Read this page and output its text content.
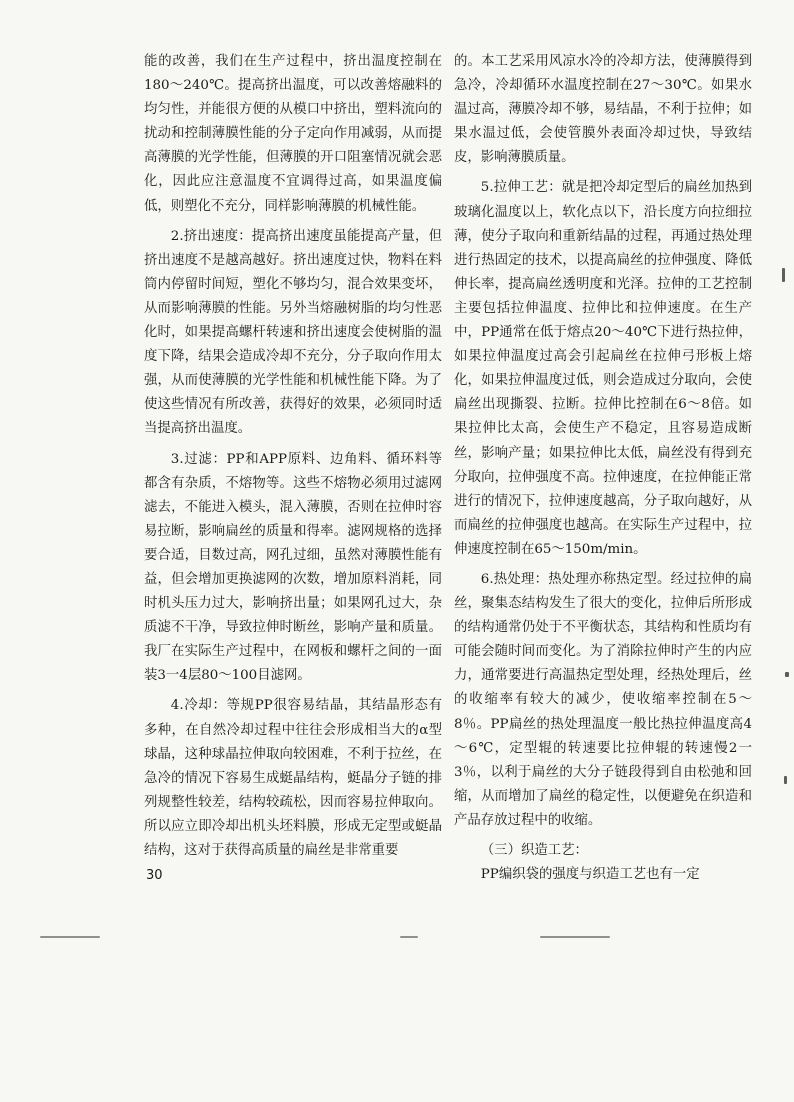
能的改善，我们在生产过程中，挤出温度控制在180～240℃。提高挤出温度，可以改善熔融料的均匀性，并能很方便的从模口中挤出，塑料流向的扰动和控制薄膜性能的分子定向作用减弱，从而提高薄膜的光学性能，但薄膜的开口阻塞情况就会恶化，因此应注意温度不宜调得过高，如果温度偏低，则塑化不充分，同样影响薄膜的机械性能。

2.挤出速度：提高挤出速度虽能提高产量，但挤出速度不是越高越好。挤出速度过快，物料在料筒内停留时间短，塑化不够均匀，混合效果变坏，从而影响薄膜的性能。另外当熔融树脂的均匀性恶化时，如果提高螺杆转速和挤出速度会使树脂的温度下降，结果会造成冷却不充分，分子取向作用太强，从而使薄膜的光学性能和机械性能下降。为了使这些情况有所改善，获得好的效果，必须同时适当提高挤出温度。

3.过滤：PP和APP原料、边角料、循环料等都含有杂质，不熔物等。这些不熔物必须用过滤网滤去，不能进入模头，混入薄膜，否则在拉伸时容易拉断，影响扁丝的质量和得率。滤网规格的选择要合适，目数过高，网孔过细，虽然对薄膜性能有益，但会增加更换滤网的次数，增加原料消耗，同时机头压力过大，影响挤出量；如果网孔过大，杂质滤不干净，导致拉伸时断丝，影响产量和质量。我厂在实际生产过程中，在网板和螺杆之间的一面装3一4层80～100目滤网。

4.冷却：等规PP很容易结晶，其结晶形态有多种，在自然冷却过程中往往会形成相当大的α型球晶，这种球晶拉伸取向较困难，不利于拉丝，在急冷的情况下容易生成蜓晶结构，蜓晶分子链的排列规整性较差，结构较疏松，因而容易拉伸取向。所以应立即冷却出机头坯料膜，形成无定型或蜓晶结构，这对于获得高质量的扁丝是非常重要

的。本工艺采用风凉水冷的冷却方法，使薄膜得到急冷，冷却循环水温度控制在27～30℃。如果水温过高，薄膜冷却不够，易结晶，不利于拉伸；如果水温过低，会使管膜外表面冷却过快，导致结皮，影响薄膜质量。

5.拉伸工艺：就是把冷却定型后的扁丝加热到玻璃化温度以上，软化点以下，沿长度方向拉细拉薄，使分子取向和重新结晶的过程，再通过热处理进行热固定的技术，以提高扁丝的拉伸强度、降低伸长率，提高扁丝透明度和光泽。拉伸的工艺控制主要包括拉伸温度、拉伸比和拉伸速度。在生产中，PP通常在低于熔点20～40℃下进行热拉伸，如果拉伸温度过高会引起扁丝在拉伸弓形板上熔化，如果拉伸温度过低，则会造成过分取向，会使扁丝出现撕裂、拉断。拉伸比控制在6～8倍。如果拉伸比太高，会使生产不稳定，且容易造成断丝，影响产量；如果拉伸比太低，扁丝没有得到充分取向，拉伸强度不高。拉伸速度，在拉伸能正常进行的情况下，拉伸速度越高，分子取向越好，从而扁丝的拉伸强度也越高。在实际生产过程中，拉伸速度控制在65～150m/min。

6.热处理：热处理亦称热定型。经过拉伸的扁丝，聚集态结构发生了很大的变化，拉伸后所形成的结构通常仍处于不平衡状态，其结构和性质均有可能会随时间而变化。为了消除拉伸时产生的内应力，通常要进行高温热定型处理，经热处理后，丝的收缩率有较大的减少，使收缩率控制在5～8％。PP扁丝的热处理温度一般比热拉伸温度高4～6℃，定型辊的转速要比拉伸辊的转速慢2一3％，以利于扁丝的大分子链段得到自由松弛和回缩，从而增加了扁丝的稳定性，以便避免在织造和产品存放过程中的收缩。

（三）织造工艺：

PP编织袋的强度与织造工艺也有一定

30
